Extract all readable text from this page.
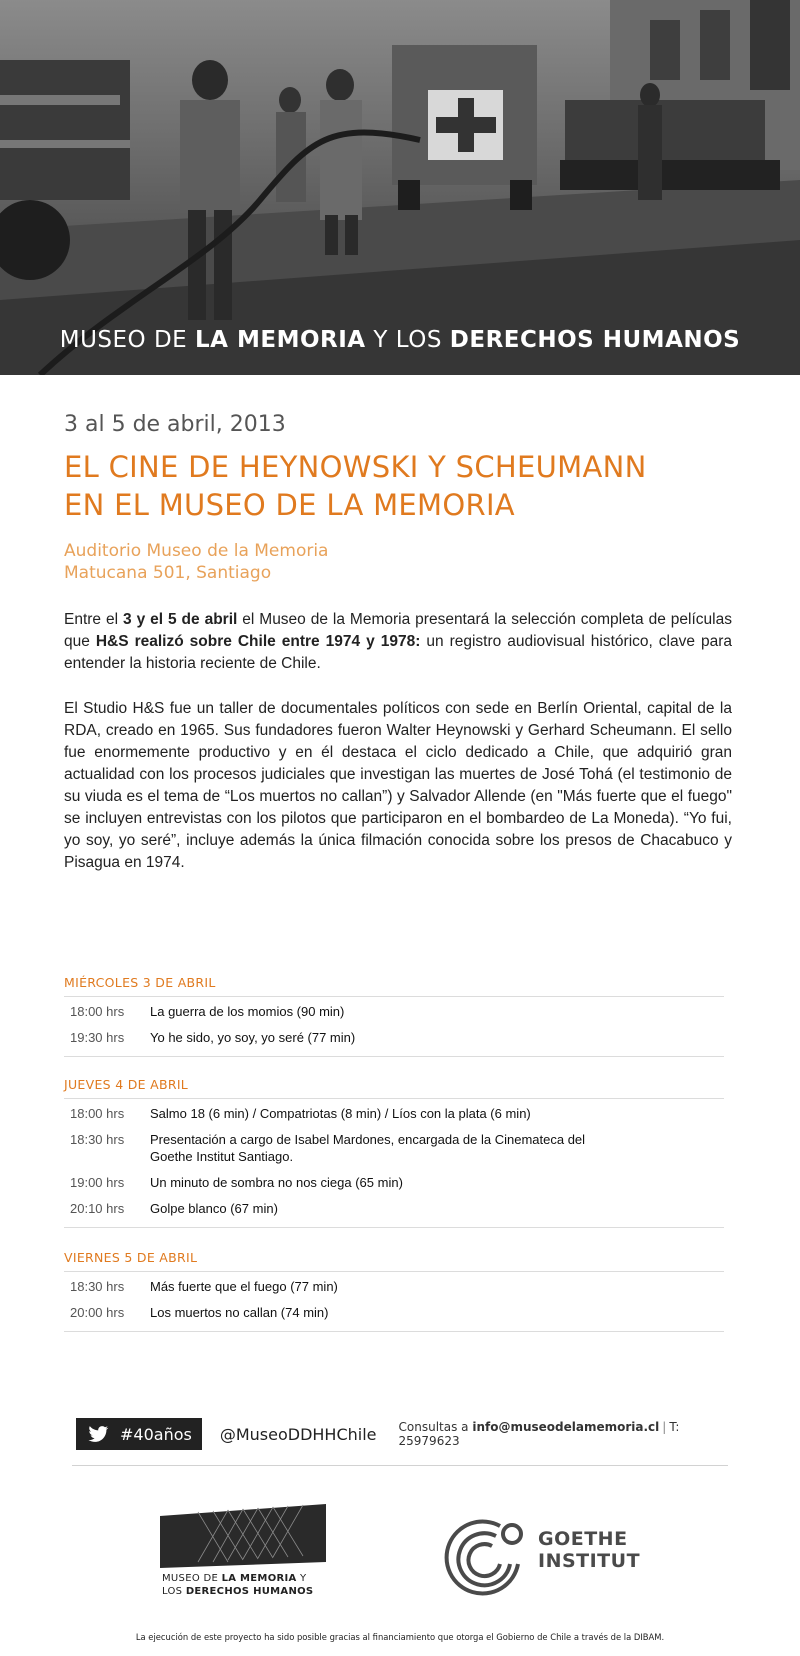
MUSEO DE LA MEMORIA Y LOS DERECHOS HUMANOS
3 al 5 de abril, 2013
EL CINE DE HEYNOWSKI Y SCHEUMANN
EN EL MUSEO DE LA MEMORIA
Auditorio Museo de la Memoria
Matucana 501, Santiago
Entre el 3 y el 5 de abril el Museo de la Memoria presentará la selección completa de películas que H&S realizó sobre Chile entre 1974 y 1978: un registro audiovisual histórico, clave para entender la historia reciente de Chile.
El Studio H&S fue un taller de documentales políticos con sede en Berlín Oriental, capital de la RDA, creado en 1965. Sus fundadores fueron Walter Heynowski y Gerhard Scheumann. El sello fue enormemente productivo y en él destaca el ciclo dedicado a Chile, que adquirió gran actualidad con los procesos judiciales que investigan las muertes de José Tohá (el testimonio de su viuda es el tema de “Los muertos no callan”) y Salvador Allende (en "Más fuerte que el fuego" se incluyen entrevistas con los pilotos que participaron en el bombardeo de La Moneda). “Yo fui, yo soy, yo seré”, incluye además la única filmación conocida sobre los presos de Chacabuco y Pisagua en 1974.
MIÉRCOLES 3 DE ABRIL
18:00 hrs	La guerra de los momios (90 min)
19:30 hrs	Yo he sido, yo soy, yo seré (77 min)
JUEVES 4 DE ABRIL
18:00 hrs	Salmo 18 (6 min) / Compatriotas (8 min) / Líos con la plata (6 min)
18:30 hrs	Presentación a cargo de Isabel Mardones, encargada de la Cinemateca del Goethe Institut Santiago.
19:00 hrs	Un minuto de sombra no nos ciega (65 min)
20:10 hrs	Golpe blanco (67 min)
VIERNES 5 DE ABRIL
18:30 hrs	Más fuerte que el fuego (77 min)
20:00 hrs	Los muertos no callan (74 min)
#40años @MuseoDDHHChile Consultas a info@museodelamemoria.cl | T: 25979623
MUSEO DE LA MEMORIA Y
LOS DERECHOS HUMANOS
GOETHE
INSTITUT
La ejecución de este proyecto ha sido posible gracias al financiamiento que otorga el Gobierno de Chile a través de la DIBAM.
